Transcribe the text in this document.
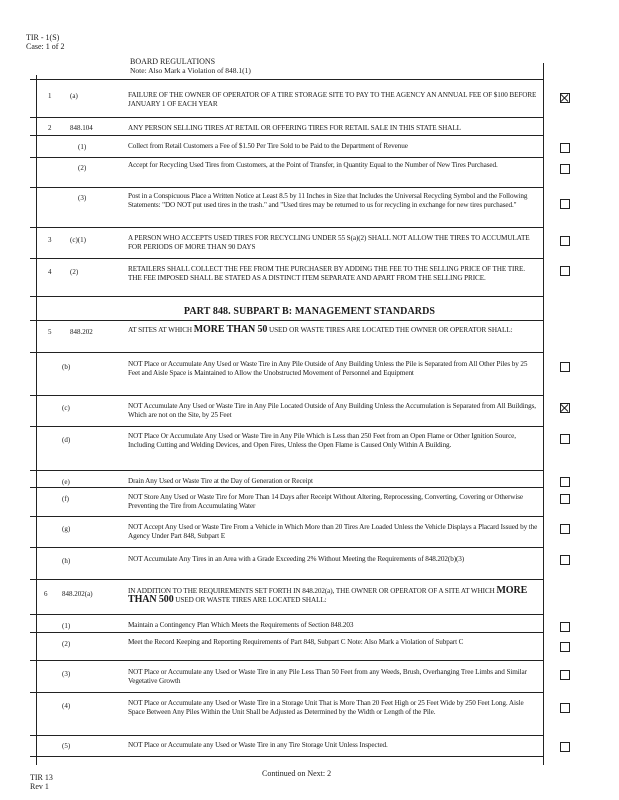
TIR - 1(S)
Case: 1 of 2
BOARD REGULATIONS
Note: Also Mark a Violation of 848.1(1)
1	(a)	FAILURE OF THE OWNER OF OPERATOR OF A TIRE STORAGE SITE TO PAY TO THE AGENCY AN ANNUAL FEE OF $100 BEFORE JANUARY 1 OF EACH YEAR
2	848.104	ANY PERSON SELLING TIRES AT RETAIL OR OFFERING TIRES FOR RETAIL SALE IN THIS STATE SHALL
(1)	Collect from Retail Customers a Fee of $1.50 Per Tire Sold to be Paid to the Department of Revenue
(2)	Accept for Recycling Used Tires from Customers, at the Point of Transfer, in Quantity Equal to the Number of New Tires Purchased.
(3)	Post in a Conspicuous Place a Written Notice at Least 8.5 by 11 Inches in Size that Includes the Universal Recycling Symbol and the Following Statements: "DO NOT put used tires in the trash." and "Used tires may be returned to us for recycling in exchange for new tires purchased."
3	(c)(1)	A PERSON WHO ACCEPTS USED TIRES FOR RECYCLING UNDER 55 S(a)(2) SHALL NOT ALLOW THE TIRES TO ACCUMULATE FOR PERIODS OF MORE THAN 90 DAYS
4	(2)	RETAILERS SHALL COLLECT THE FEE FROM THE PURCHASER BY ADDING THE FEE TO THE SELLING PRICE OF THE TIRE. THE FEE IMPOSED SHALL BE STATED AS A DISTINCT ITEM SEPARATE AND APART FROM THE SELLING PRICE.
PART 848. SUBPART B: MANAGEMENT STANDARDS
5	848.202	AT SITES AT WHICH MORE THAN 50 USED OR WASTE TIRES ARE LOCATED THE OWNER OR OPERATOR SHALL:
(b)	NOT Place or Accumulate Any Used or Waste Tire in Any Pile Outside of Any Building Unless the Pile is Separated from All Other Piles by 25 Feet and Aisle Space is Maintained to Allow the Unobstructed Movement of Personnel and Equipment
(c)	NOT Accumulate Any Used or Waste Tire in Any Pile Located Outside of Any Building Unless the Accumulation is Separated from All Buildings, Which are not on the Site, by 25 Feet
(d)	NOT Place Or Accumulate Any Used or Waste Tire in Any Pile Which is Less than 250 Feet from an Open Flame or Other Ignition Source, Including Cutting and Welding Devices, and Open Fires, Unless the Open Flame is Caused Only Within A Building.
(e)	Drain Any Used or Waste Tire at the Day of Generation or Receipt
(f)	NOT Store Any Used or Waste Tire for More Than 14 Days after Receipt Without Altering, Reprocessing, Converting, Covering or Otherwise Preventing the Tire from Accumulating Water
(g)	NOT Accept Any Used or Waste Tire From a Vehicle in Which More than 20 Tires Are Loaded Unless the Vehicle Displays a Placard Issued by the Agency Under Part 848, Subpart E
(h)	NOT Accumulate Any Tires in an Area with a Grade Exceeding 2% Without Meeting the Requirements of 848.202(b)(3)
6 848.202(a)	IN ADDITION TO THE REQUIREMENTS SET FORTH IN 848.202(a), THE OWNER OR OPERATOR OF A SITE AT WHICH MORE THAN 500 USED OR WASTE TIRES ARE LOCATED SHALL:
(1)	Maintain a Contingency Plan Which Meets the Requirements of Section 848.203
(2)	Meet the Record Keeping and Reporting Requirements of Part 848, Subpart C Note: Also Mark a Violation of Subpart C
(3)	NOT Place or Accumulate any Used or Waste Tire in any Pile Less Than 50 Feet from any Weeds, Brush, Overhanging Tree Limbs and Similar Vegetative Growth
(4)	NOT Place or Accumulate any Used or Waste Tire in a Storage Unit That is More Than 20 Feet High or 25 Feet Wide by 250 Feet Long. Aisle Space Between Any Piles Within the Unit Shall be Adjusted as Determined by the Width or Length of the Pile.
(5)	NOT Place or Accumulate any Used or Waste Tire in any Tire Storage Unit Unless Inspected.
TIR 13
Rev 1
Continued on Next: 2
